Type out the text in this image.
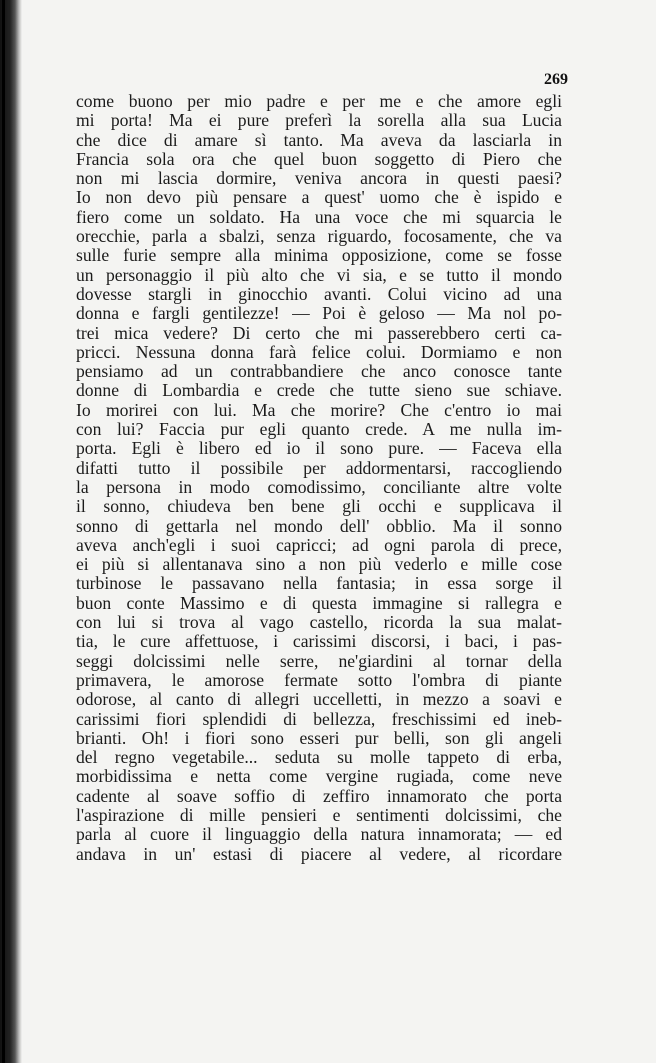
269
come buono per mio padre e per me e che amore egli
mi porta! Ma ei pure preferì la sorella alla sua Lucia
che dice di amare sì tanto. Ma aveva da lasciarla in
Francia sola ora che quel buon soggetto di Piero che
non mi lascia dormire, veniva ancora in questi paesi?
Io non devo più pensare a quest' uomo che è ispido e
fiero come un soldato. Ha una voce che mi squarcia le
orecchie, parla a sbalzi, senza riguardo, focosamente, che va
sulle furie sempre alla minima opposizione, come se fosse
un personaggio il più alto che vi sia, e se tutto il mondo
dovesse stargli in ginocchio avanti. Colui vicino ad una
donna e fargli gentilezze! — Poi è geloso — Ma nol po-
trei mica vedere? Di certo che mi passerebbero certi ca-
pricci. Nessuna donna farà felice colui. Dormiamo e non
pensiamo ad un contrabbandiere che anco conosce tante
donne di Lombardia e crede che tutte sieno sue schiave.
Io morirei con lui. Ma che morire? Che c'entro io mai
con lui? Faccia pur egli quanto crede. A me nulla im-
porta. Egli è libero ed io il sono pure. — Faceva ella
difatti tutto il possibile per addormentarsi, raccogliendo
la persona in modo comodissimo, conciliante altre volte
il sonno, chiudeva ben bene gli occhi e supplicava il
sonno di gettarla nel mondo dell' obblio. Ma il sonno
aveva anch'egli i suoi capricci; ad ogni parola di prece,
ei più si allentanava sino a non più vederlo e mille cose
turbinose le passavano nella fantasia; in essa sorge il
buon conte Massimo e di questa immagine si rallegra e
con lui si trova al vago castello, ricorda la sua malat-
tia, le cure affettuose, i carissimi discorsi, i baci, i pas-
seggi dolcissimi nelle serre, ne'giardini al tornar della
primavera, le amorose fermate sotto l'ombra di piante
odorose, al canto di allegri uccelletti, in mezzo a soavi e
carissimi fiori splendidi di bellezza, freschissimi ed ineb-
brianti. Oh! i fiori sono esseri pur belli, son gli angeli
del regno vegetabile... seduta su molle tappeto di erba,
morbidissima e netta come vergine rugiada, come neve
cadente al soave soffio di zeffiro innamorato che porta
l'aspirazione di mille pensieri e sentimenti dolcissimi, che
parla al cuore il linguaggio della natura innamorata; — ed
andava in un' estasi di piacere al vedere, al ricordare
